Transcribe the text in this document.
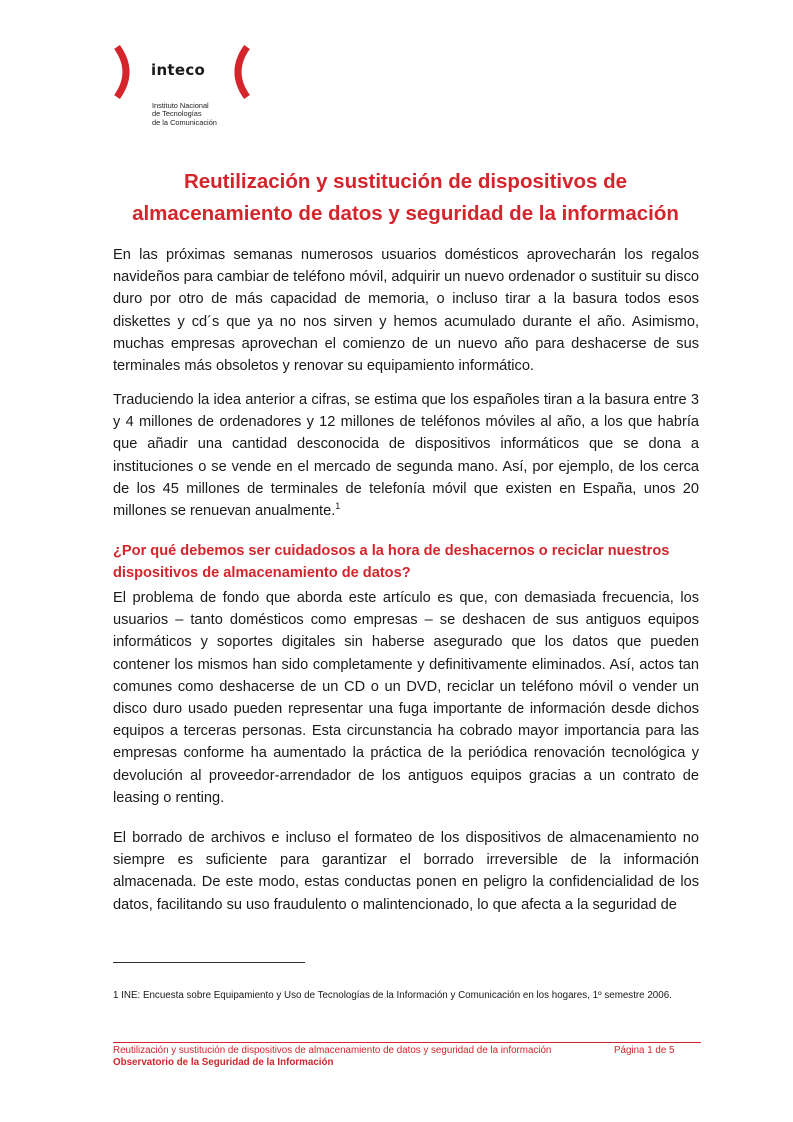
inteco
Instituto Nacional
de Tecnologías
de la Comunicación
Reutilización y sustitución de dispositivos de
almacenamiento de datos y seguridad de la información

En las próximas semanas numerosos usuarios domésticos aprovecharán los regalos navideños para cambiar de teléfono móvil, adquirir un nuevo ordenador o sustituir su disco duro por otro de más capacidad de memoria, o incluso tirar a la basura todos esos diskettes y cd´s que ya no nos sirven y hemos acumulado durante el año. Asimismo, muchas empresas aprovechan el comienzo de un nuevo año para deshacerse de sus terminales más obsoletos y renovar su equipamiento informático.

Traduciendo la idea anterior a cifras, se estima que los españoles tiran a la basura entre 3 y 4 millones de ordenadores y 12 millones de teléfonos móviles al año, a los que habría que añadir una cantidad desconocida de dispositivos informáticos que se dona a instituciones o se vende en el mercado de segunda mano. Así, por ejemplo, de los cerca de los 45 millones de terminales de telefonía móvil que existen en España, unos 20 millones se renuevan anualmente.$^1$

¿Por qué debemos ser cuidadosos a la hora de deshacernos o reciclar nuestros dispositivos de almacenamiento de datos?

El problema de fondo que aborda este artículo es que, con demasiada frecuencia, los usuarios – tanto domésticos como empresas – se deshacen de sus antiguos equipos informáticos y soportes digitales sin haberse asegurado que los datos que pueden contener los mismos han sido completamente y definitivamente eliminados. Así, actos tan comunes como deshacerse de un CD o un DVD, reciclar un teléfono móvil o vender un disco duro usado pueden representar una fuga importante de información desde dichos equipos a terceras personas. Esta circunstancia ha cobrado mayor importancia para las empresas conforme ha aumentado la práctica de la periódica renovación tecnológica y devolución al proveedor-arrendador de los antiguos equipos gracias a un contrato de leasing o renting.

El borrado de archivos e incluso el formateo de los dispositivos de almacenamiento no siempre es suficiente para garantizar el borrado irreversible de la información almacenada. De este modo, estas conductas ponen en peligro la confidencialidad de los datos, facilitando su uso fraudulento o malintencionado, lo que afecta a la seguridad de

1 INE: Encuesta sobre Equipamiento y Uso de Tecnologías de la Información y Comunicación en los hogares, 1º semestre 2006.

Reutilización y sustitución de dispositivos de almacenamiento de datos y seguridad de la información	Página 1 de 5
Observatorio de la Seguridad de la Información
